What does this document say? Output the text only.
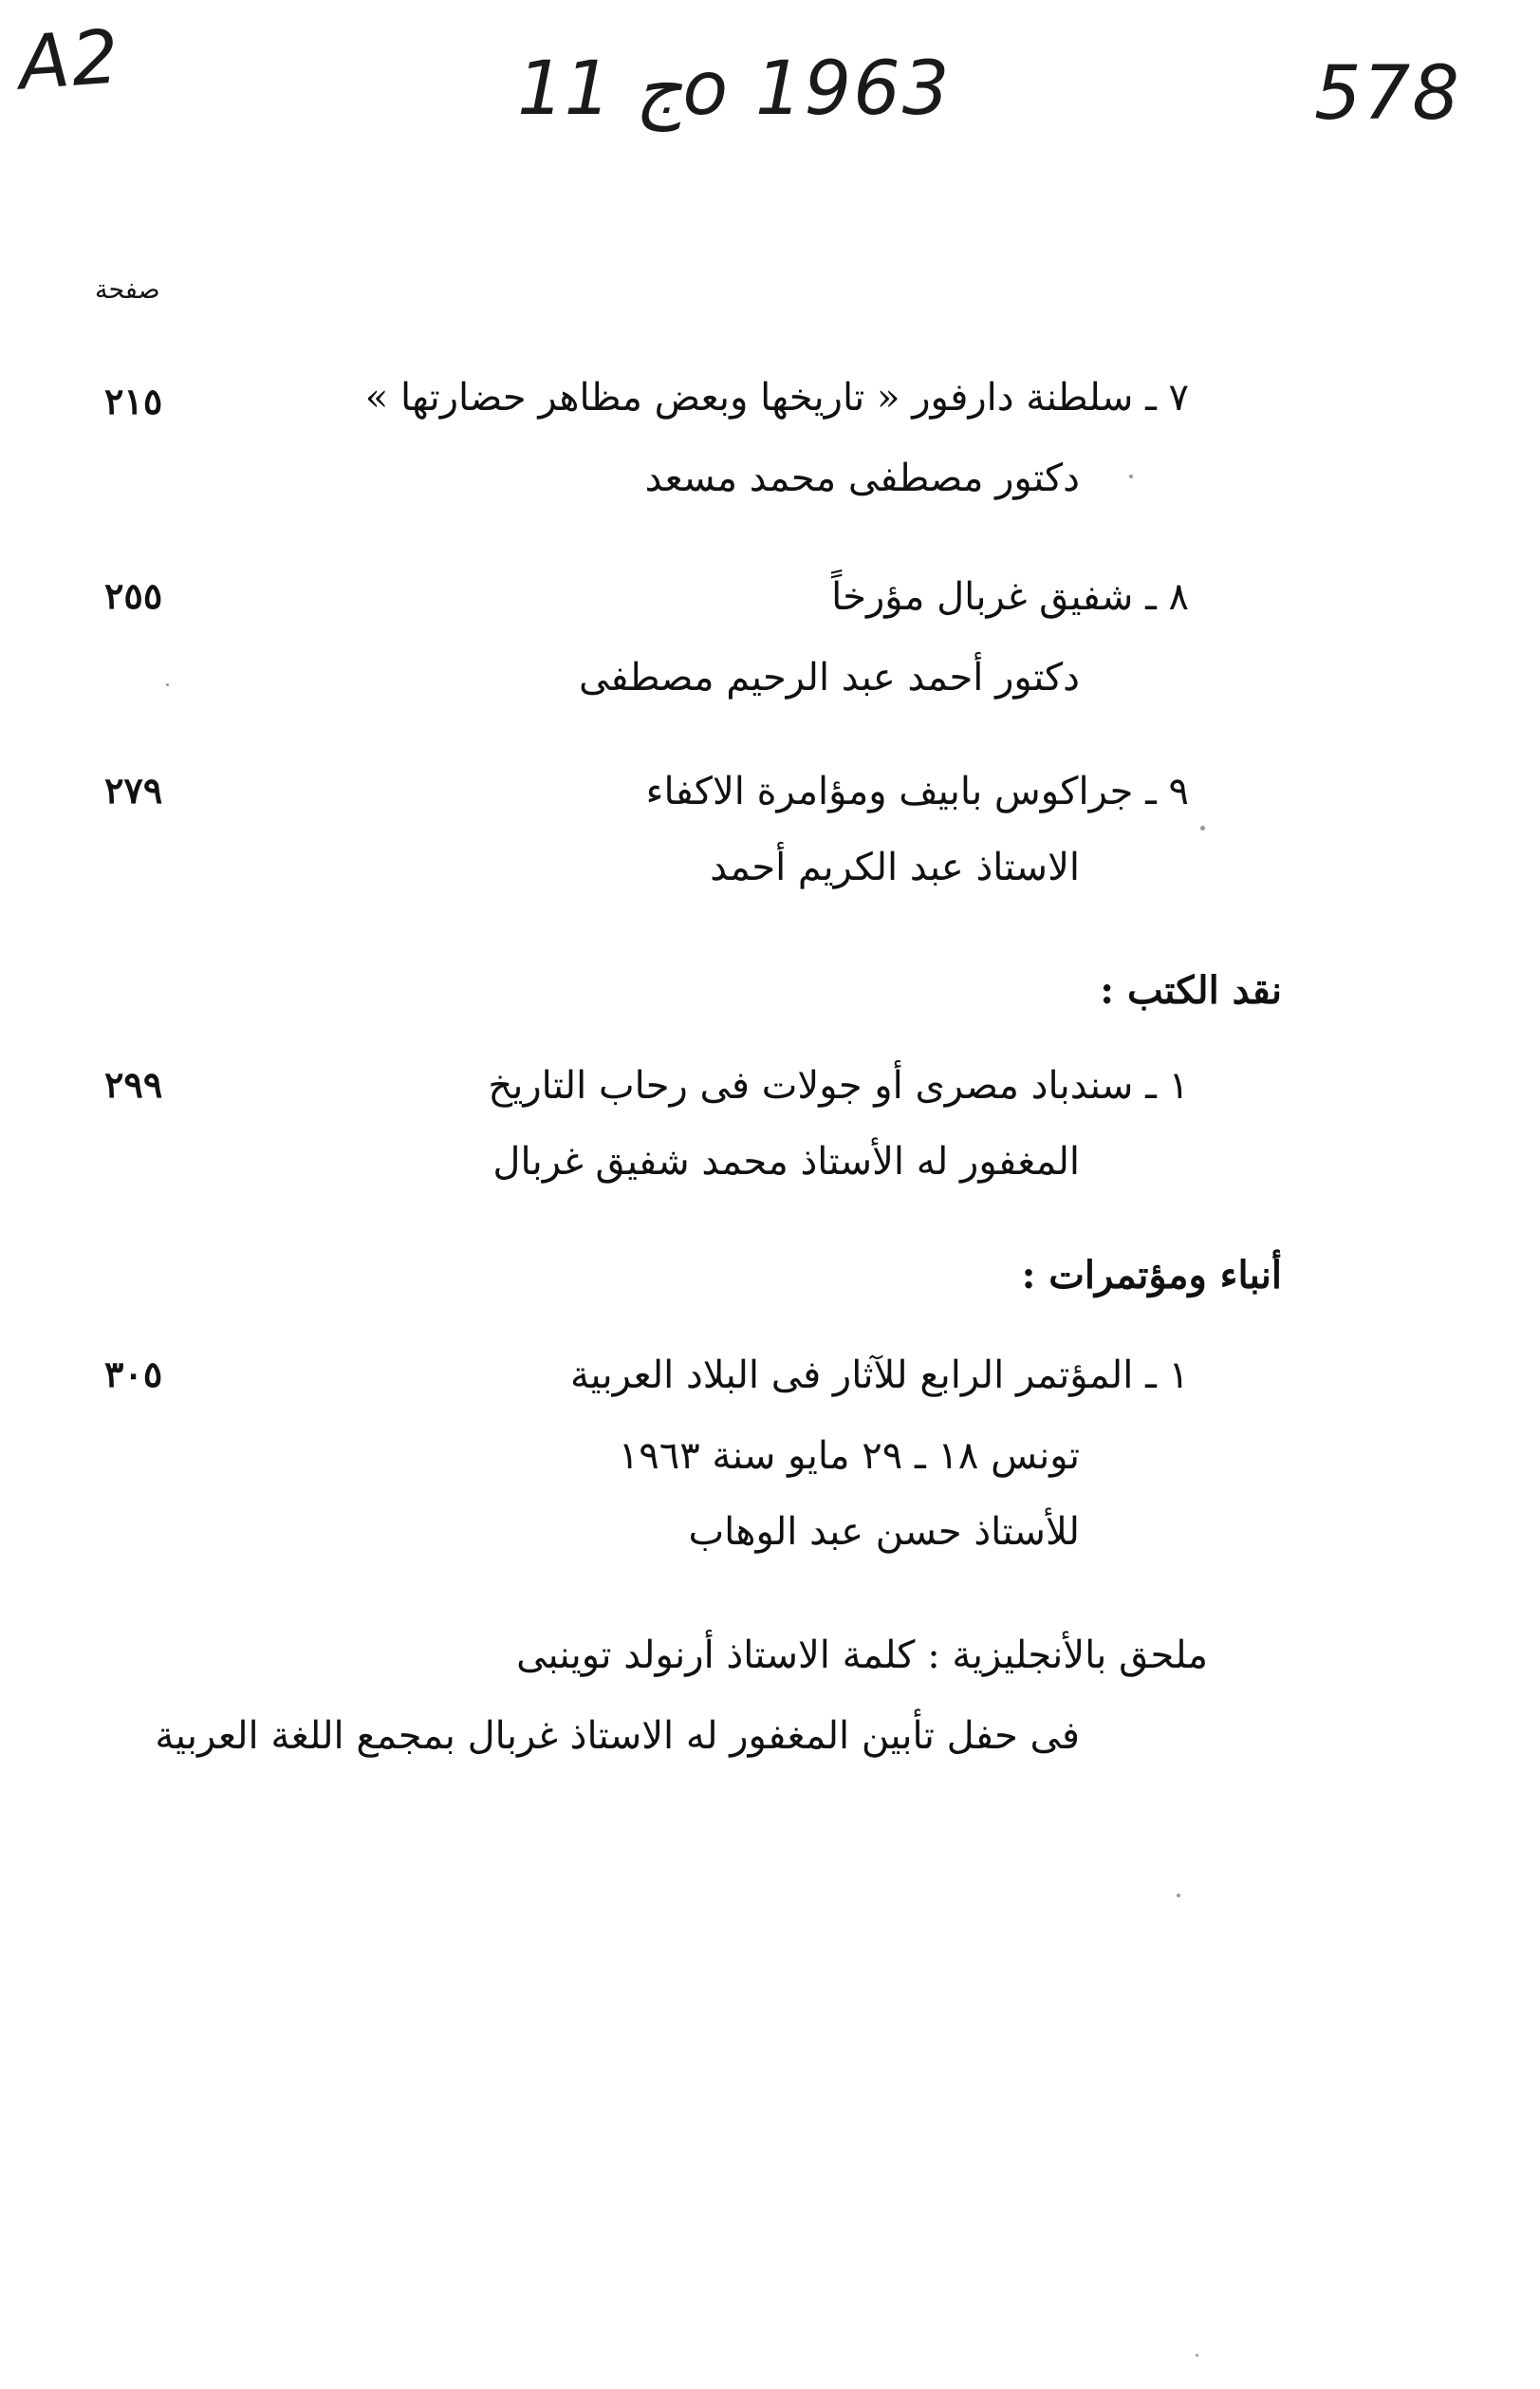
A2	11 جo 1963	578
صفحة
٧ ـ سلطنة دارفور « تاريخها وبعض مظاهر حضارتها »
٢١٥
دكتور مصطفى محمد مسعد
٨ ـ شفيق غربال مؤرخاً
٢٥٥
دكتور أحمد عبد الرحيم مصطفى
٩ ـ جراكوس بابيف ومؤامرة الاكفاء
٢٧٩
الاستاذ عبد الكريم أحمد
نقد الكتب :
١ ـ سندباد مصرى أو جولات فى رحاب التاريخ
٢٩٩
المغفور له الأستاذ محمد شفيق غربال
أنباء ومؤتمرات :
١ ـ المؤتمر الرابع للآثار فى البلاد العربية
٣٠٥
تونس ١٨ ـ ٢٩ مايو سنة ١٩٦٣
للأستاذ حسن عبد الوهاب
ملحق بالأنجليزية : كلمة الاستاذ أرنولد توينبى
فى حفل تأبين المغفور له الاستاذ غربال بمجمع اللغة العربية
